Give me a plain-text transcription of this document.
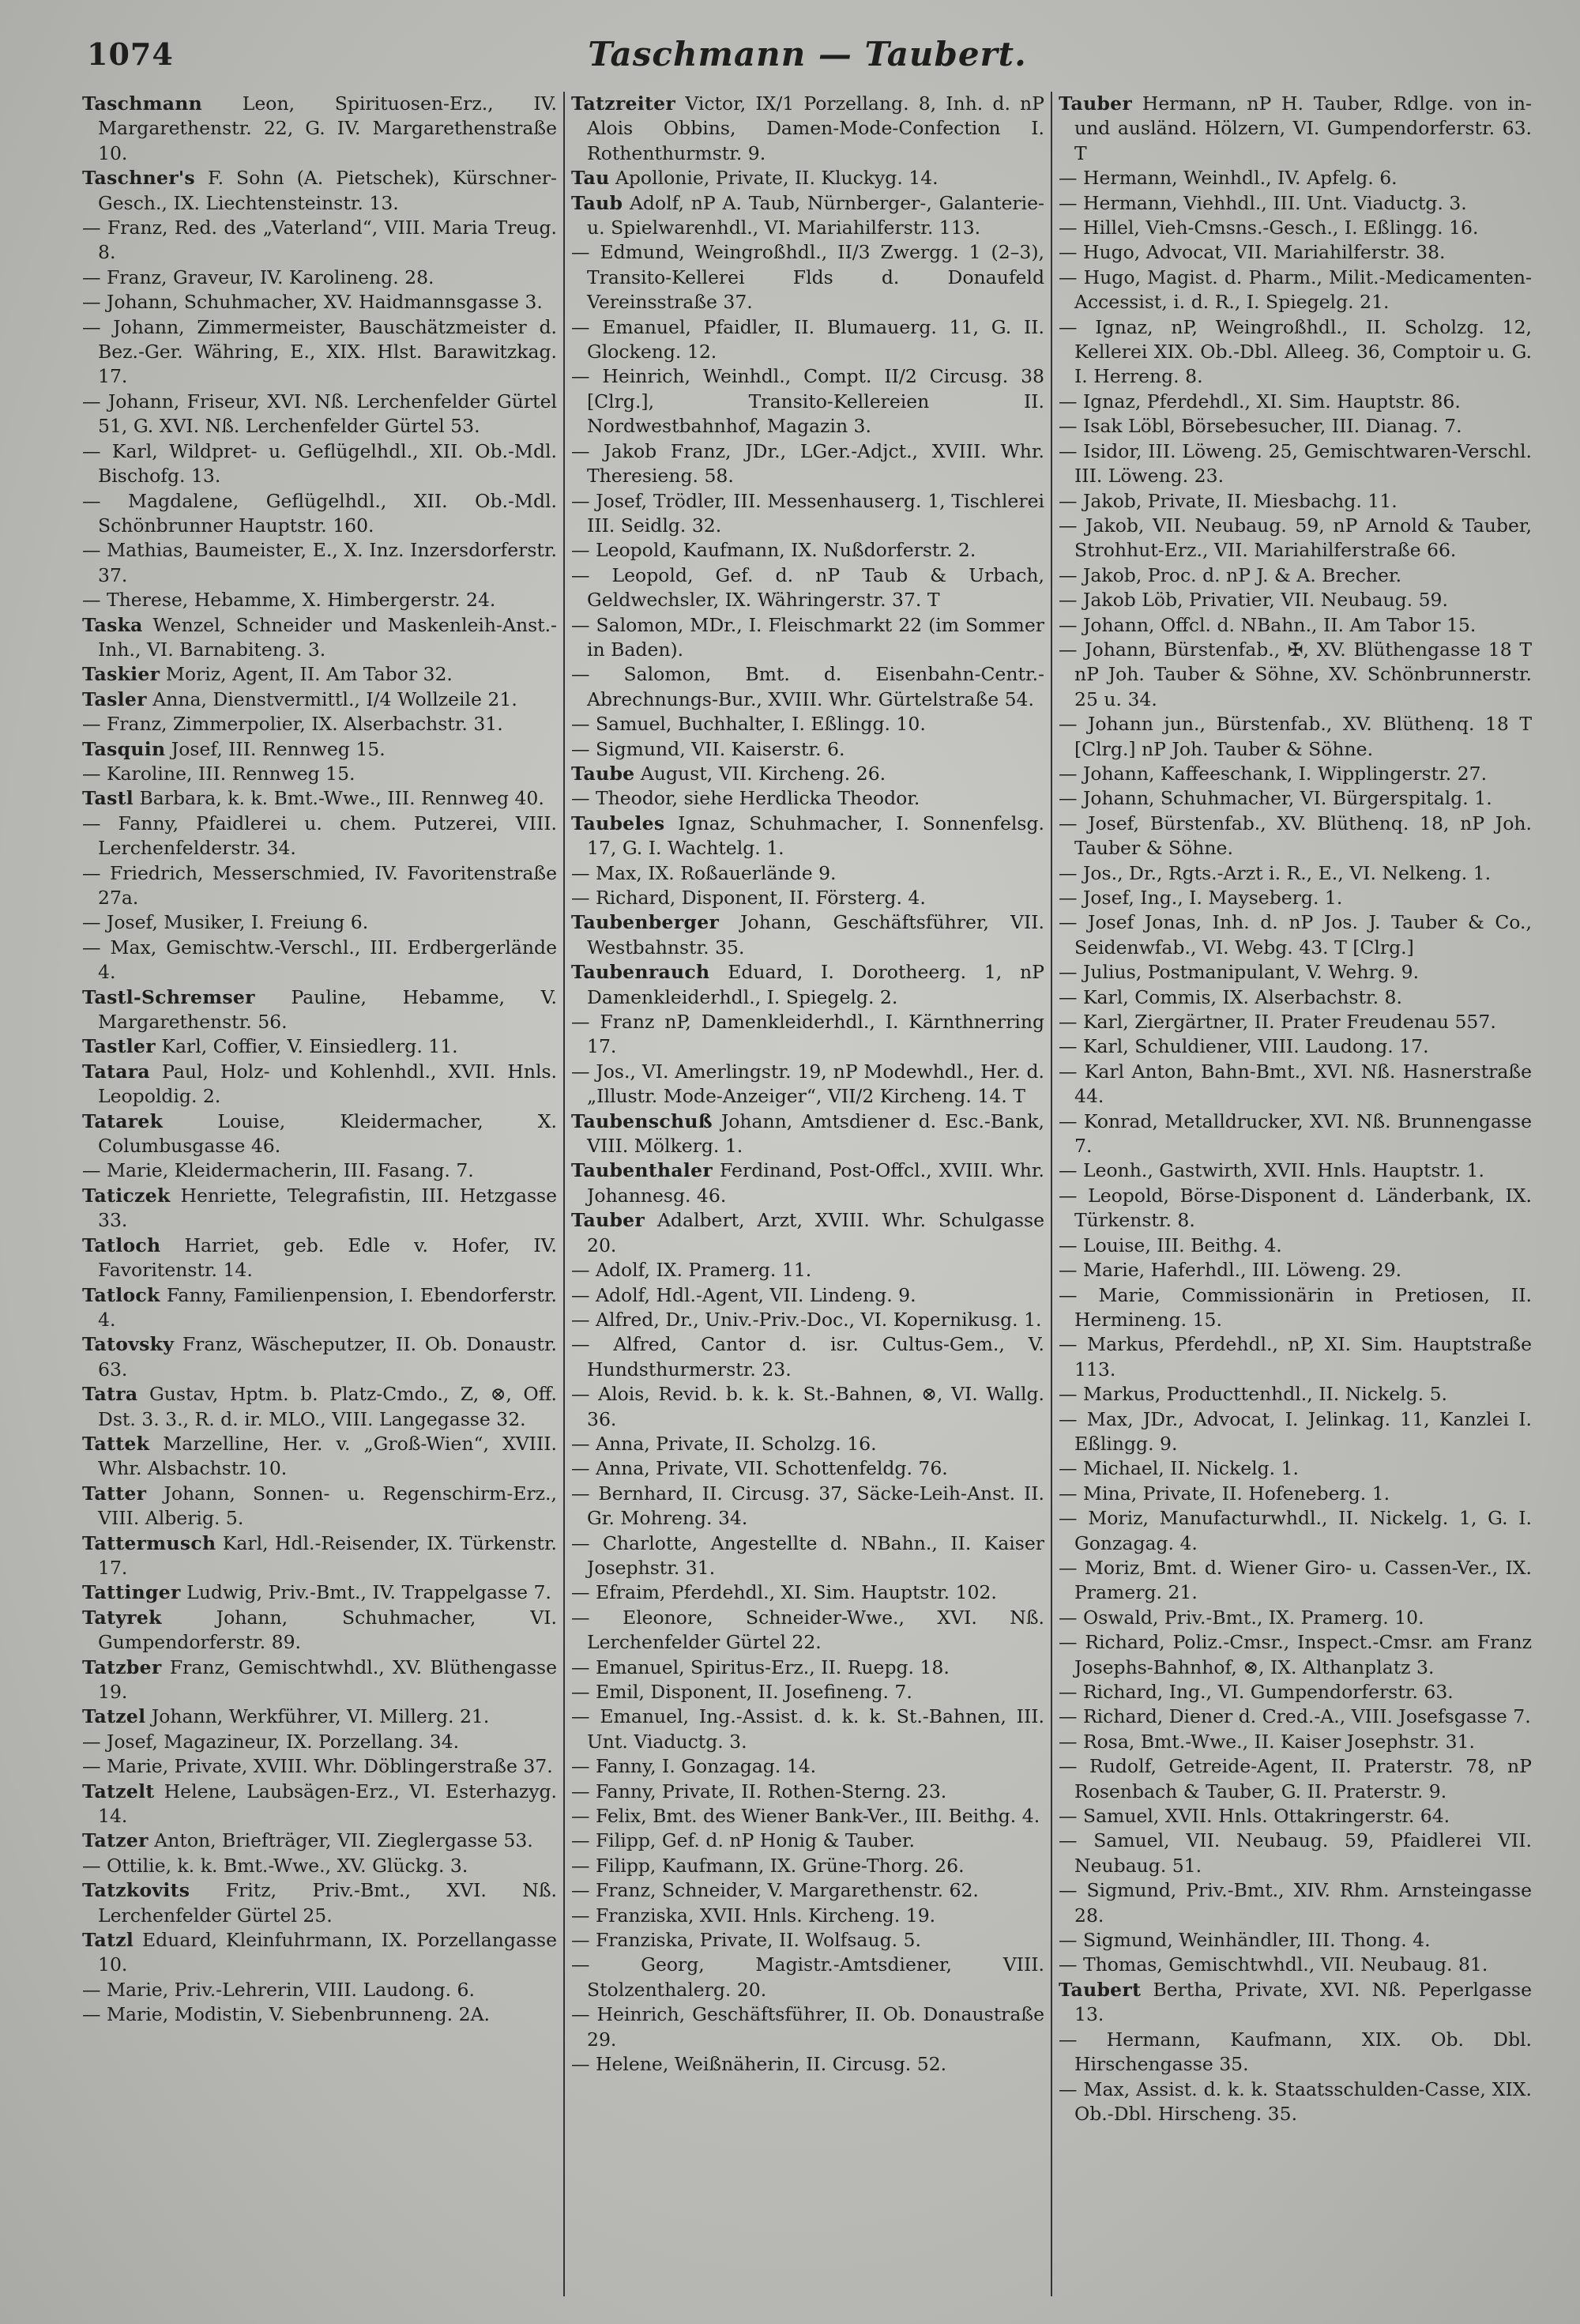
1074	Taschmann — Taubert.
Taschmann Leon, Spirituosen-Erz., IV. Margarethenstr. 22, G. IV. Margarethenstraße 10.
Taschner's F. Sohn (A. Pietschek), Kürschner-Gesch., IX. Liechtensteinstr. 13.
— Franz, Red. des „Vaterland“, VIII. Maria Treug. 8.
— Franz, Graveur, IV. Karolineng. 28.
— Johann, Schuhmacher, XV. Haidmannsgasse 3.
— Johann, Zimmermeister, Bauschätzmeister d. Bez.-Ger. Währing, E., XIX. Hlst. Barawitzkag. 17.
— Johann, Friseur, XVI. Nß. Lerchenfelder Gürtel 51, G. XVI. Nß. Lerchenfelder Gürtel 53.
— Karl, Wildpret- u. Geflügelhdl., XII. Ob.-Mdl. Bischofg. 13.
— Magdalene, Geflügelhdl., XII. Ob.-Mdl. Schönbrunner Hauptstr. 160.
— Mathias, Baumeister, E., X. Inz. Inzersdorferstr. 37.
— Therese, Hebamme, X. Himbergerstr. 24.
Taska Wenzel, Schneider und Maskenleih-Anst.-Inh., VI. Barnabiteng. 3.
Taskier Moriz, Agent, II. Am Tabor 32.
Tasler Anna, Dienstvermittl., I/4 Wollzeile 21.
— Franz, Zimmerpolier, IX. Alserbachstr. 31.
Tasquin Josef, III. Rennweg 15.
— Karoline, III. Rennweg 15.
Tastl Barbara, k. k. Bmt.-Wwe., III. Rennweg 40.
— Fanny, Pfaidlerei u. chem. Putzerei, VIII. Lerchenfelderstr. 34.
— Friedrich, Messerschmied, IV. Favoritenstraße 27a.
— Josef, Musiker, I. Freiung 6.
— Max, Gemischtw.-Verschl., III. Erdbergerlände 4.
Tastl-Schremser Pauline, Hebamme, V. Margarethenstr. 56.
Tastler Karl, Coffier, V. Einsiedlerg. 11.
Tatara Paul, Holz- und Kohlenhdl., XVII. Hnls. Leopoldig. 2.
Tatarek Louise, Kleidermacher, X. Columbusgasse 46.
— Marie, Kleidermacherin, III. Fasang. 7.
Taticzek Henriette, Telegrafistin, III. Hetzgasse 33.
Tatloch Harriet, geb. Edle v. Hofer, IV. Favoritenstr. 14.
Tatlock Fanny, Familienpension, I. Ebendorferstr. 4.
Tatovsky Franz, Wäscheputzer, II. Ob. Donaustr. 63.
Tatra Gustav, Hptm. b. Platz-Cmdo., Z, ⊗, Off. Dst. 3. 3., R. d. ir. MLO., VIII. Langegasse 32.
Tattek Marzelline, Her. v. „Groß-Wien“, XVIII. Whr. Alsbachstr. 10.
Tatter Johann, Sonnen- u. Regenschirm-Erz., VIII. Alberig. 5.
Tattermusch Karl, Hdl.-Reisender, IX. Türkenstr. 17.
Tattinger Ludwig, Priv.-Bmt., IV. Trappelgasse 7.
Tatyrek Johann, Schuhmacher, VI. Gumpendorferstr. 89.
Tatzber Franz, Gemischtwhdl., XV. Blüthengasse 19.
Tatzel Johann, Werkführer, VI. Millerg. 21.
— Josef, Magazineur, IX. Porzellang. 34.
— Marie, Private, XVIII. Whr. Döblingerstraße 37.
Tatzelt Helene, Laubsägen-Erz., VI. Esterhazyg. 14.
Tatzer Anton, Briefträger, VII. Zieglergasse 53.
— Ottilie, k. k. Bmt.-Wwe., XV. Glückg. 3.
Tatzkovits Fritz, Priv.-Bmt., XVI. Nß. Lerchenfelder Gürtel 25.
Tatzl Eduard, Kleinfuhrmann, IX. Porzellangasse 10.
— Marie, Priv.-Lehrerin, VIII. Laudong. 6.
— Marie, Modistin, V. Siebenbrunneng. 2A.
Tatzreiter Victor, IX/1 Porzellang. 8, Inh. d. nP Alois Obbins, Damen-Mode-Confection I. Rothenthurmstr. 9.
Tau Apollonie, Private, II. Kluckyg. 14.
Taub Adolf, nP A. Taub, Nürnberger-, Galanterie- u. Spielwarenhdl., VI. Mariahilferstr. 113.
— Edmund, Weingroßhdl., II/3 Zwergg. 1 (2–3), Transito-Kellerei Flds d. Donaufeld Vereinsstraße 37.
— Emanuel, Pfaidler, II. Blumauerg. 11, G. II. Glockeng. 12.
— Heinrich, Weinhdl., Compt. II/2 Circusg. 38 [Clrg.], Transito-Kellereien II. Nordwestbahnhof, Magazin 3.
— Jakob Franz, JDr., LGer.-Adjct., XVIII. Whr. Theresieng. 58.
— Josef, Trödler, III. Messenhauserg. 1, Tischlerei III. Seidlg. 32.
— Leopold, Kaufmann, IX. Nußdorferstr. 2.
— Leopold, Gef. d. nP Taub & Urbach, Geldwechsler, IX. Währingerstr. 37. T
— Salomon, MDr., I. Fleischmarkt 22 (im Sommer in Baden).
— Salomon, Bmt. d. Eisenbahn-Centr.-Abrechnungs-Bur., XVIII. Whr. Gürtelstraße 54.
— Samuel, Buchhalter, I. Eßlingg. 10.
— Sigmund, VII. Kaiserstr. 6.
Taube August, VII. Kircheng. 26.
— Theodor, siehe Herdlicka Theodor.
Taubeles Ignaz, Schuhmacher, I. Sonnenfelsg. 17, G. I. Wachtelg. 1.
— Max, IX. Roßauerlände 9.
— Richard, Disponent, II. Försterg. 4.
Taubenberger Johann, Geschäftsführer, VII. Westbahnstr. 35.
Taubenrauch Eduard, I. Dorotheerg. 1, nP Damenkleiderhdl., I. Spiegelg. 2.
— Franz nP, Damenkleiderhdl., I. Kärnthnerring 17.
— Jos., VI. Amerlingstr. 19, nP Modewhdl., Her. d. „Illustr. Mode-Anzeiger“, VII/2 Kircheng. 14. T
Taubenschuß Johann, Amtsdiener d. Esc.-Bank, VIII. Mölkerg. 1.
Taubenthaler Ferdinand, Post-Offcl., XVIII. Whr. Johannesg. 46.
Tauber Adalbert, Arzt, XVIII. Whr. Schulgasse 20.
— Adolf, IX. Pramerg. 11.
— Adolf, Hdl.-Agent, VII. Lindeng. 9.
— Alfred, Dr., Univ.-Priv.-Doc., VI. Kopernikusg. 1.
— Alfred, Cantor d. isr. Cultus-Gem., V. Hundsthurmerstr. 23.
— Alois, Revid. b. k. k. St.-Bahnen, ⊗, VI. Wallg. 36.
— Anna, Private, II. Scholzg. 16.
— Anna, Private, VII. Schottenfeldg. 76.
— Bernhard, II. Circusg. 37, Säcke-Leih-Anst. II. Gr. Mohreng. 34.
— Charlotte, Angestellte d. NBahn., II. Kaiser Josephstr. 31.
— Efraim, Pferdehdl., XI. Sim. Hauptstr. 102.
— Eleonore, Schneider-Wwe., XVI. Nß. Lerchenfelder Gürtel 22.
— Emanuel, Spiritus-Erz., II. Ruepg. 18.
— Emil, Disponent, II. Josefineng. 7.
— Emanuel, Ing.-Assist. d. k. k. St.-Bahnen, III. Unt. Viaductg. 3.
— Fanny, I. Gonzagag. 14.
— Fanny, Private, II. Rothen-Sterng. 23.
— Felix, Bmt. des Wiener Bank-Ver., III. Beithg. 4.
— Filipp, Gef. d. nP Honig & Tauber.
— Filipp, Kaufmann, IX. Grüne-Thorg. 26.
— Franz, Schneider, V. Margarethenstr. 62.
— Franziska, XVII. Hnls. Kircheng. 19.
— Franziska, Private, II. Wolfsaug. 5.
— Georg, Magistr.-Amtsdiener, VIII. Stolzenthalerg. 20.
— Heinrich, Geschäftsführer, II. Ob. Donaustraße 29.
— Helene, Weißnäherin, II. Circusg. 52.
Tauber Hermann, nP H. Tauber, Rdlge. von in- und ausländ. Hölzern, VI. Gumpendorferstr. 63. T
— Hermann, Weinhdl., IV. Apfelg. 6.
— Hermann, Viehhdl., III. Unt. Viaductg. 3.
— Hillel, Vieh-Cmsns.-Gesch., I. Eßlingg. 16.
— Hugo, Advocat, VII. Mariahilferstr. 38.
— Hugo, Magist. d. Pharm., Milit.-Medicamenten-Accessist, i. d. R., I. Spiegelg. 21.
— Ignaz, nP, Weingroßhdl., II. Scholzg. 12, Kellerei XIX. Ob.-Dbl. Alleeg. 36, Comptoir u. G. I. Herreng. 8.
— Ignaz, Pferdehdl., XI. Sim. Hauptstr. 86.
— Isak Löbl, Börsebesucher, III. Dianag. 7.
— Isidor, III. Löweng. 25, Gemischtwaren-Verschl. III. Löweng. 23.
— Jakob, Private, II. Miesbachg. 11.
— Jakob, VII. Neubaug. 59, nP Arnold & Tauber, Strohhut-Erz., VII. Mariahilferstraße 66.
— Jakob, Proc. d. nP J. & A. Brecher.
— Jakob Löb, Privatier, VII. Neubaug. 59.
— Johann, Offcl. d. NBahn., II. Am Tabor 15.
— Johann, Bürstenfab., ✠, XV. Blüthengasse 18 T nP Joh. Tauber & Söhne, XV. Schönbrunnerstr. 25 u. 34.
— Johann jun., Bürstenfab., XV. Blüthenq. 18 T [Clrg.] nP Joh. Tauber & Söhne.
— Johann, Kaffeeschank, I. Wipplingerstr. 27.
— Johann, Schuhmacher, VI. Bürgerspitalg. 1.
— Josef, Bürstenfab., XV. Blüthenq. 18, nP Joh. Tauber & Söhne.
— Jos., Dr., Rgts.-Arzt i. R., E., VI. Nelkeng. 1.
— Josef, Ing., I. Mayseberg. 1.
— Josef Jonas, Inh. d. nP Jos. J. Tauber & Co., Seidenwfab., VI. Webg. 43. T [Clrg.]
— Julius, Postmanipulant, V. Wehrg. 9.
— Karl, Commis, IX. Alserbachstr. 8.
— Karl, Ziergärtner, II. Prater Freudenau 557.
— Karl, Schuldiener, VIII. Laudong. 17.
— Karl Anton, Bahn-Bmt., XVI. Nß. Hasnerstraße 44.
— Konrad, Metalldrucker, XVI. Nß. Brunnengasse 7.
— Leonh., Gastwirth, XVII. Hnls. Hauptstr. 1.
— Leopold, Börse-Disponent d. Länderbank, IX. Türkenstr. 8.
— Louise, III. Beithg. 4.
— Marie, Haferhdl., III. Löweng. 29.
— Marie, Commissionärin in Pretiosen, II. Hermineng. 15.
— Markus, Pferdehdl., nP, XI. Sim. Hauptstraße 113.
— Markus, Producttenhdl., II. Nickelg. 5.
— Max, JDr., Advocat, I. Jelinkag. 11, Kanzlei I. Eßlingg. 9.
— Michael, II. Nickelg. 1.
— Mina, Private, II. Hofeneberg. 1.
— Moriz, Manufacturwhdl., II. Nickelg. 1, G. I. Gonzagag. 4.
— Moriz, Bmt. d. Wiener Giro- u. Cassen-Ver., IX. Pramerg. 21.
— Oswald, Priv.-Bmt., IX. Pramerg. 10.
— Richard, Poliz.-Cmsr., Inspect.-Cmsr. am Franz Josephs-Bahnhof, ⊗, IX. Althanplatz 3.
— Richard, Ing., VI. Gumpendorferstr. 63.
— Richard, Diener d. Cred.-A., VIII. Josefsgasse 7.
— Rosa, Bmt.-Wwe., II. Kaiser Josephstr. 31.
— Rudolf, Getreide-Agent, II. Praterstr. 78, nP Rosenbach & Tauber, G. II. Praterstr. 9.
— Samuel, XVII. Hnls. Ottakringerstr. 64.
— Samuel, VII. Neubaug. 59, Pfaidlerei VII. Neubaug. 51.
— Sigmund, Priv.-Bmt., XIV. Rhm. Arnsteingasse 28.
— Sigmund, Weinhändler, III. Thong. 4.
— Thomas, Gemischtwhdl., VII. Neubaug. 81.
Taubert Bertha, Private, XVI. Nß. Peperlgasse 13.
— Hermann, Kaufmann, XIX. Ob. Dbl. Hirschengasse 35.
— Max, Assist. d. k. k. Staatsschulden-Casse, XIX. Ob.-Dbl. Hirscheng. 35.
